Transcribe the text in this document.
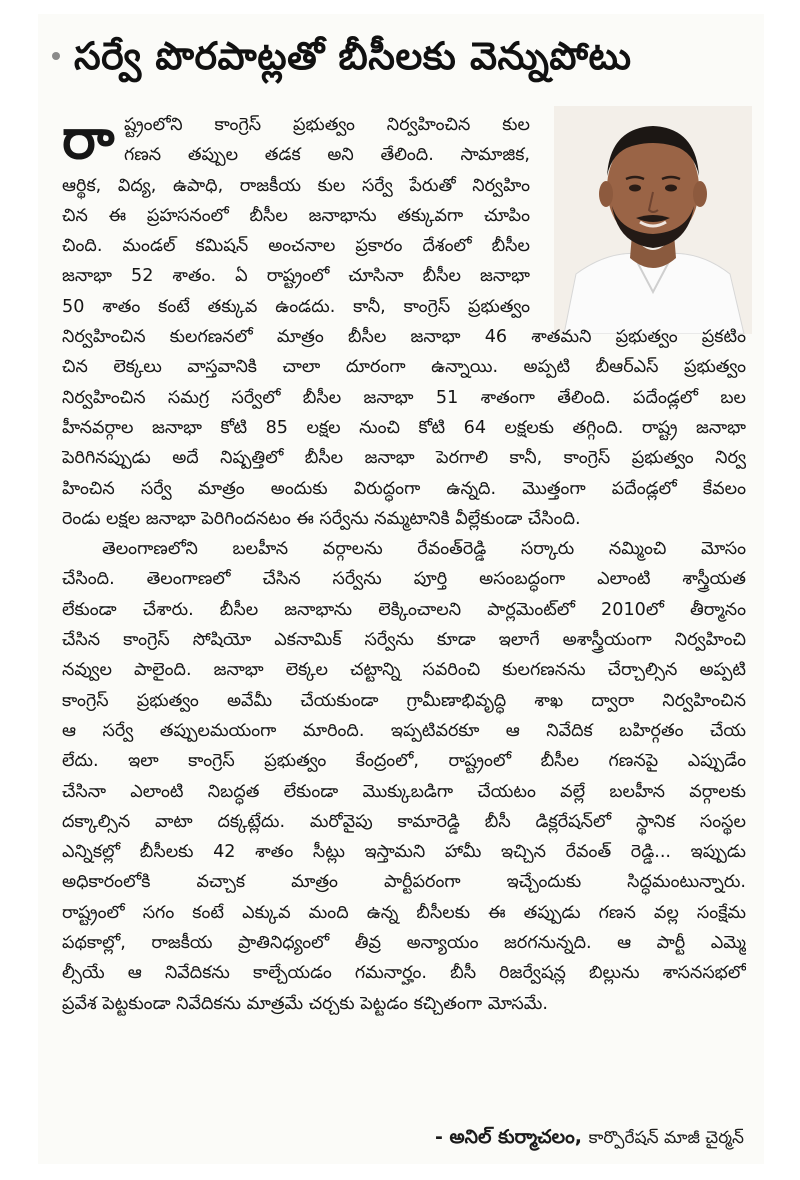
సర్వే పొరపాట్లతో బీసీలకు వెన్నుపోటు
రా ష్ట్రంలోని కాంగ్రెస్ ప్రభుత్వం నిర్వహించిన కుల
గణన తప్పుల తడక అని తేలింది. సామాజిక,
ఆర్థిక, విద్య, ఉపాధి, రాజకీయ కుల సర్వే పేరుతో నిర్వహిం
చిన ఈ ప్రహసనంలో బీసీల జనాభాను తక్కువగా చూపిం
చింది. మండల్ కమిషన్ అంచనాల ప్రకారం దేశంలో బీసీల
జనాభా 52 శాతం. ఏ రాష్ట్రంలో చూసినా బీసీల జనాభా
50 శాతం కంటే తక్కువ ఉండదు. కానీ, కాంగ్రెస్ ప్రభుత్వం
నిర్వహించిన కులగణనలో మాత్రం బీసీల జనాభా 46 శాతమని ప్రభుత్వం ప్రకటిం
చిన లెక్కలు వాస్తవానికి చాలా దూరంగా ఉన్నాయి. అప్పటి బీఆర్ఎస్ ప్రభుత్వం
నిర్వహించిన సమగ్ర సర్వేలో బీసీల జనాభా 51 శాతంగా తేలింది. పదేండ్లలో బల
హీనవర్గాల జనాభా కోటి 85 లక్షల నుంచి కోటి 64 లక్షలకు తగ్గింది. రాష్ట్ర జనాభా
పెరిగినప్పుడు అదే నిష్పత్తిలో బీసీల జనాభా పెరగాలి కానీ, కాంగ్రెస్ ప్రభుత్వం నిర్వ
హించిన సర్వే మాత్రం అందుకు విరుద్ధంగా ఉన్నది. మొత్తంగా పదేండ్లలో కేవలం
రెండు లక్షల జనాభా పెరిగిందనటం ఈ సర్వేను నమ్మటానికి వీల్లేకుండా చేసింది.
తెలంగాణలోని బలహీన వర్గాలను రేవంత్‌రెడ్డి సర్కారు నమ్మించి మోసం
చేసింది. తెలంగాణలో చేసిన సర్వేను పూర్తి అసంబద్ధంగా ఎలాంటి శాస్త్రీయత
లేకుండా చేశారు. బీసీల జనాభాను లెక్కించాలని పార్లమెంట్‌లో 2010లో తీర్మానం
చేసిన కాంగ్రెస్ సోషియో ఎకనామిక్ సర్వేను కూడా ఇలాగే అశాస్త్రీయంగా నిర్వహించి
నవ్వుల పాలైంది. జనాభా లెక్కల చట్టాన్ని సవరించి కులగణనను చేర్చాల్సిన అప్పటి
కాంగ్రెస్ ప్రభుత్వం అవేమీ చేయకుండా గ్రామీణాభివృద్ధి శాఖ ద్వారా నిర్వహించిన
ఆ సర్వే తప్పులమయంగా మారింది. ఇప్పటివరకూ ఆ నివేదిక బహిర్గతం చేయ
లేదు. ఇలా కాంగ్రెస్ ప్రభుత్వం కేంద్రంలో, రాష్ట్రంలో బీసీల గణనపై ఎప్పుడేం
చేసినా ఎలాంటి నిబద్ధత లేకుండా మొక్కుబడిగా చేయటం వల్లే బలహీన వర్గాలకు
దక్కాల్సిన వాటా దక్కట్లేదు. మరోవైపు కామారెడ్డి బీసీ డిక్లరేషన్‌లో స్థానిక సంస్థల
ఎన్నికల్లో బీసీలకు 42 శాతం సీట్లు ఇస్తామని హామీ ఇచ్చిన రేవంత్ రెడ్డి... ఇప్పుడు
అధికారంలోకి వచ్చాక మాత్రం పార్టీపరంగా ఇచ్చేందుకు సిద్ధమంటున్నారు.
రాష్ట్రంలో సగం కంటే ఎక్కువ మంది ఉన్న బీసీలకు ఈ తప్పుడు గణన వల్ల సంక్షేమ
పథకాల్లో, రాజకీయ ప్రాతినిధ్యంలో తీవ్ర అన్యాయం జరగనున్నది. ఆ పార్టీ ఎమ్మె
ల్సీయే ఆ నివేదికను కాల్చేయడం గమనార్హం. బీసీ రిజర్వేషన్ల బిల్లును శాసనసభలో
ప్రవేశ పెట్టకుండా నివేదికను మాత్రమే చర్చకు పెట్టడం కచ్చితంగా మోసమే.
- అనిల్ కుర్మాచలం, కార్పొరేషన్ మాజీ చైర్మన్
